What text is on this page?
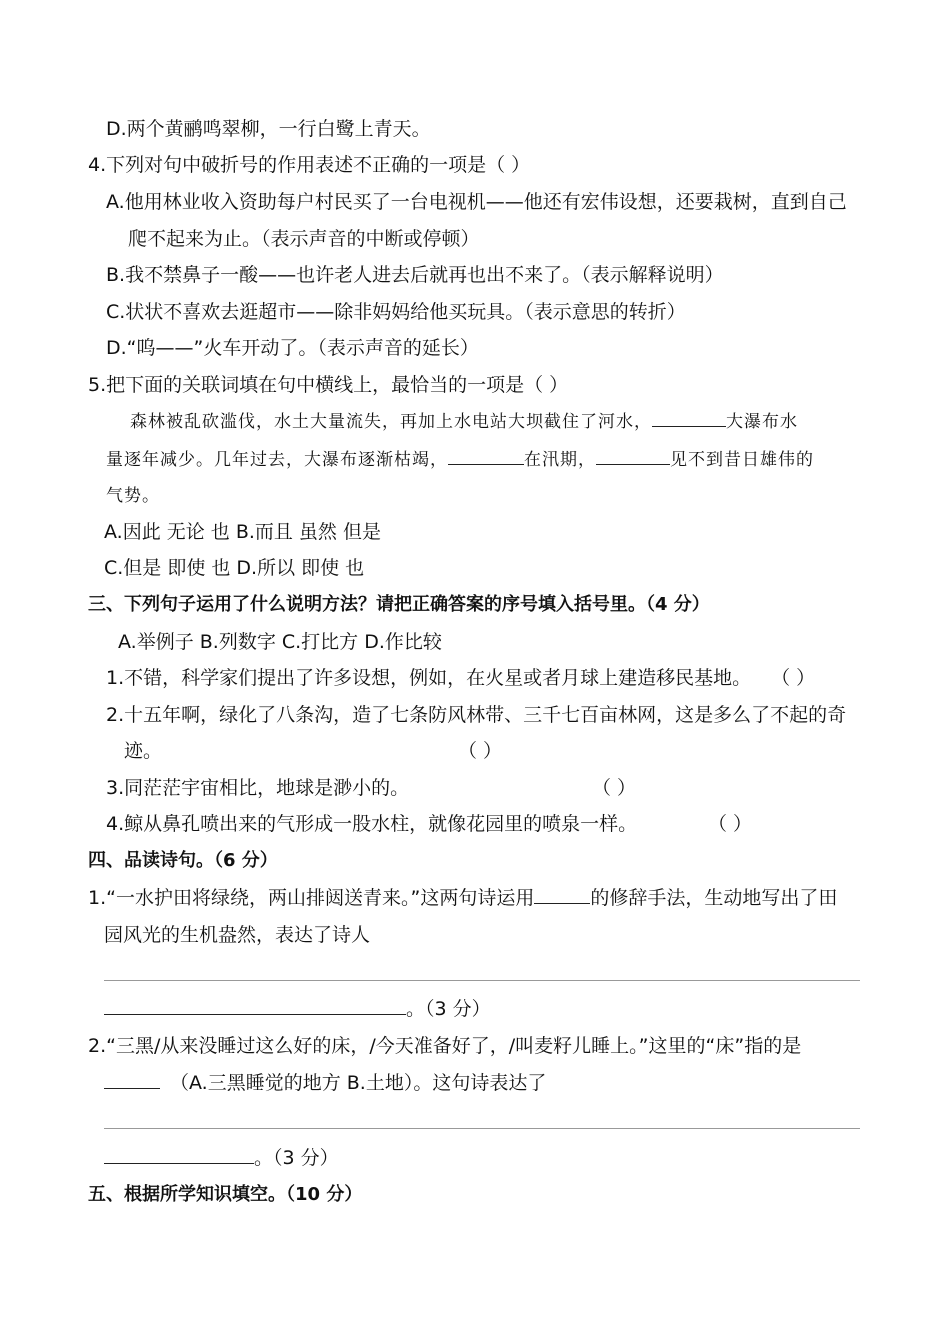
D.两个黄鹂鸣翠柳，一行白鹭上青天。
4.下列对句中破折号的作用表述不正确的一项是（ ）
A.他用林业收入资助每户村民买了一台电视机——他还有宏伟设想，还要栽树，直到自己
爬不起来为止。（表示声音的中断或停顿）
B.我不禁鼻子一酸——也许老人进去后就再也出不来了。（表示解释说明）
C.状状不喜欢去逛超市——除非妈妈给他买玩具。（表示意思的转折）
D.“呜——”火车开动了。（表示声音的延长）
5.把下面的关联词填在句中横线上，最恰当的一项是（ ）
森林被乱砍滥伐，水土大量流失，再加上水电站大坝截住了河水，	大瀑布水
量逐年减少。几年过去，大瀑布逐渐枯竭，	在汛期，	见不到昔日雄伟的
气势。
A.因此 无论 也 B.而且 虽然 但是
C.但是 即使 也 D.所以 即使 也
三、下列句子运用了什么说明方法？请把正确答案的序号填入括号里。（4 分）
A.举例子 B.列数字 C.打比方 D.作比较
1.不错，科学家们提出了许多设想，例如，在火星或者月球上建造移民基地。 （ ）
2.十五年啊，绿化了八条沟，造了七条防风林带、三千七百亩林网，这是多么了不起的奇
迹。	（ ）
3.同茫茫宇宙相比，地球是渺小的。	（ ）
4.鲸从鼻孔喷出来的气形成一股水柱，就像花园里的喷泉一样。	（ ）
四、品读诗句。（6 分）
1.“一水护田将绿绕，两山排闼送青来。”这两句诗运用	的修辞手法，生动地写出了田
园风光的生机盎然，表达了诗人
。（3 分）
2.“三黑/从来没睡过这么好的床，/今天准备好了，/叫麦籽儿睡上。”这里的“床”指的是
（A.三黑睡觉的地方 B.土地）。这句诗表达了
。（3 分）
五、根据所学知识填空。（10 分）
